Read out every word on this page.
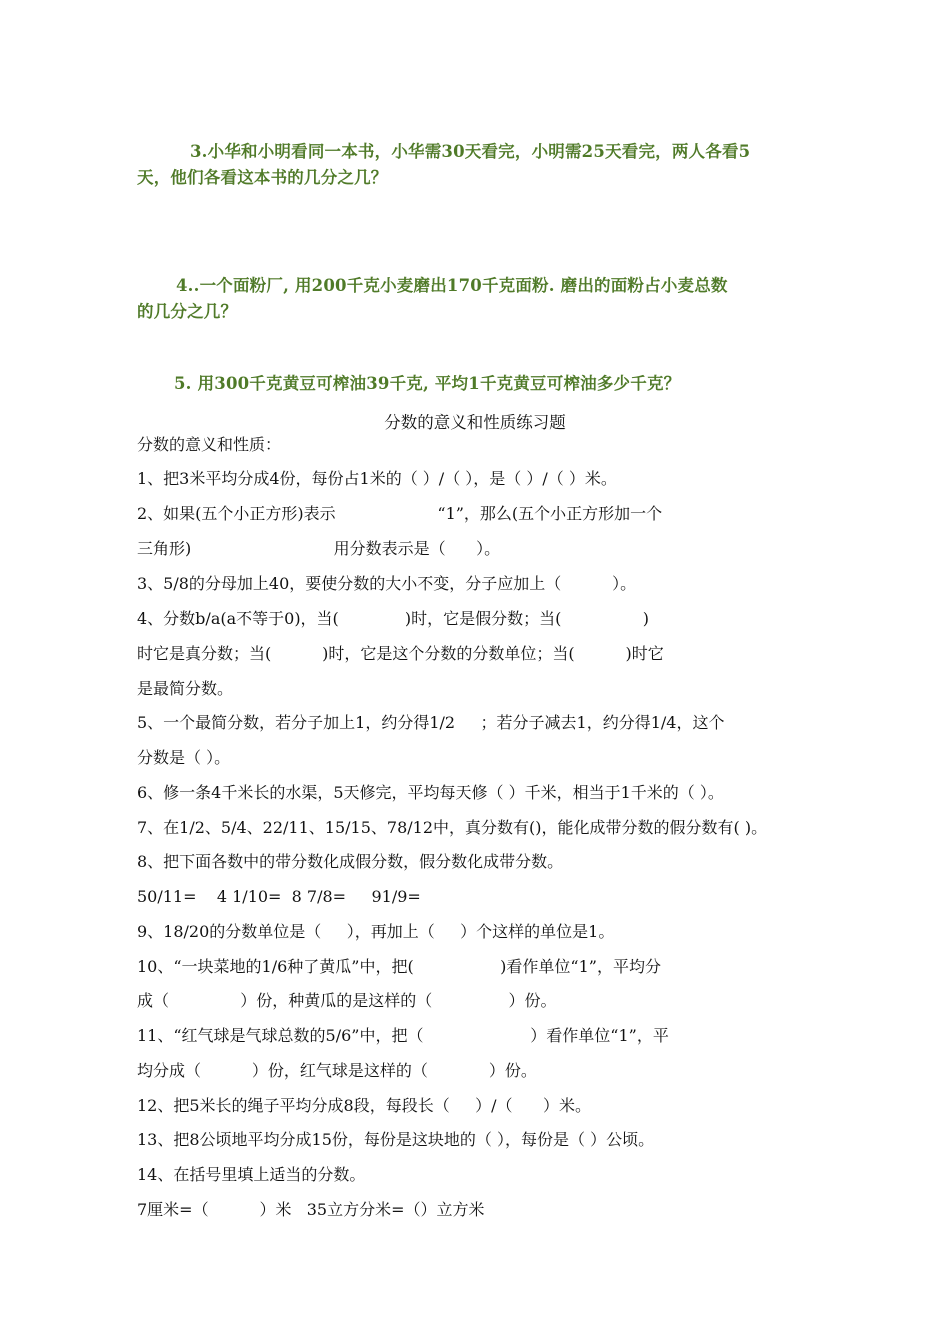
3.小华和小明看同一本书，小华需30天看完，小明需25天看完，两人各看5
天，他们各看这本书的几分之几？
4..一个面粉厂, 用200千克小麦磨出170千克面粉. 磨出的面粉占小麦总数
的几分之几？
5. 用300千克黄豆可榨油39千克, 平均1千克黄豆可榨油多少千克？
分数的意义和性质练习题
分数的意义和性质：
1、把3米平均分成4份，每份占1米的（ ）/（ ），是（ ）/（ ）米。
2、如果(五个小正方形)表示                    “1”，那么(五个小正方形加一个
三角形)                            用分数表示是（      ）。
3、5/8的分母加上40，要使分数的大小不变，分子应加上（          ）。
4、分数b/a(a不等于0)，当(             )时，它是假分数；当(                )
时它是真分数；当(          )时，它是这个分数的分数单位；当(          )时它
是最简分数。
5、一个最简分数，若分子加上1，约分得1/2     ；若分子减去1，约分得1/4，这个
分数是（ ）。
6、修一条4千米长的水渠，5天修完，平均每天修（ ）千米，相当于1千米的（ ）。
7、在1/2、5/4、22/11、15/15、78/12中，真分数有()，能化成带分数的假分数有( )。
8、把下面各数中的带分数化成假分数，假分数化成带分数。
50/11=    4 1/10=  8 7/8=     91/9=
9、18/20的分数单位是（     ），再加上（     ）个这样的单位是1。
10、“一块菜地的1/6种了黄瓜”中，把(                 )看作单位“1”，平均分
成（              ）份，种黄瓜的是这样的（               ）份。
11、“红气球是气球总数的5/6”中，把（                     ）看作单位“1”，平
均分成（          ）份，红气球是这样的（            ）份。
12、把5米长的绳子平均分成8段，每段长（     ）/（      ）米。
13、把8公顷地平均分成15份，每份是这块地的（ ），每份是（ ）公顷。
14、在括号里填上适当的分数。
7厘米=（          ）米   35立方分米=（）立方米
